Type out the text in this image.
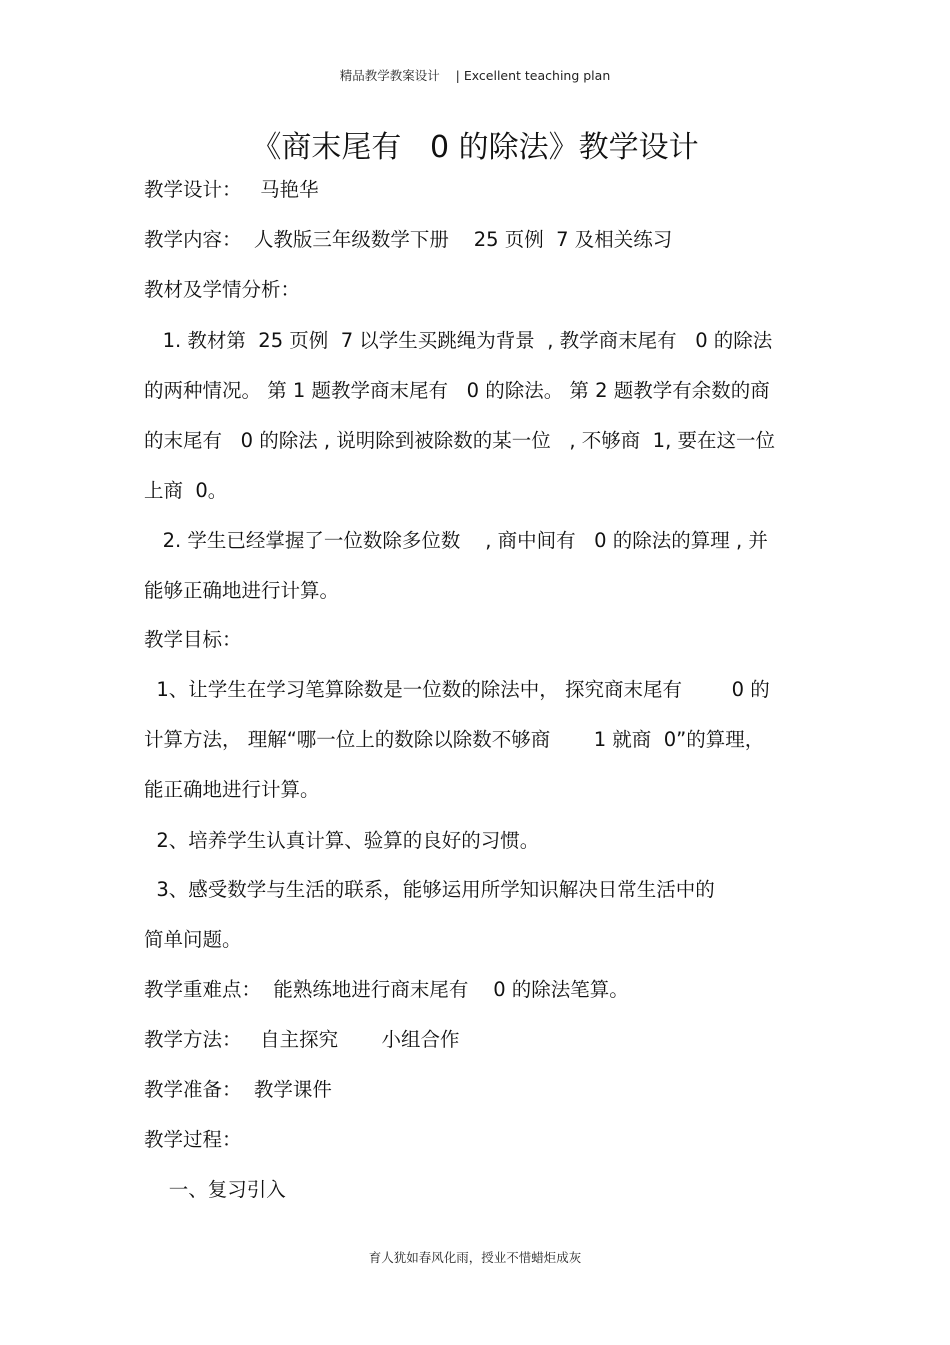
精品教学教案设计    | Excellent teaching plan
《商末尾有   0 的除法》教学设计
教学设计：   马艳华
教学内容：  人教版三年级数学下册    25 页例  7 及相关练习
教材及学情分析：
1. 教材第  25 页例  7 以学生买跳绳为背景  , 教学商末尾有   0 的除法
的两种情况。 第 1 题教学商末尾有   0 的除法。 第 2 题教学有余数的商
的末尾有   0 的除法 , 说明除到被除数的某一位   , 不够商  1, 要在这一位
上商  0。
2. 学生已经掌握了一位数除多位数    , 商中间有   0 的除法的算理 , 并
能够正确地进行计算。
教学目标：
1、让学生在学习笔算除数是一位数的除法中， 探究商末尾有        0 的
计算方法， 理解“哪一位上的数除以除数不够商       1 就商  0”的算理，
能正确地进行计算。
2、培养学生认真计算、验算的良好的习惯。
3、感受数学与生活的联系，能够运用所学知识解决日常生活中的
简单问题。
教学重难点：  能熟练地进行商末尾有    0 的除法笔算。
教学方法：   自主探究       小组合作
教学准备：  教学课件
教学过程：
一、复习引入
育人犹如春风化雨，授业不惜蜡炬成灰
